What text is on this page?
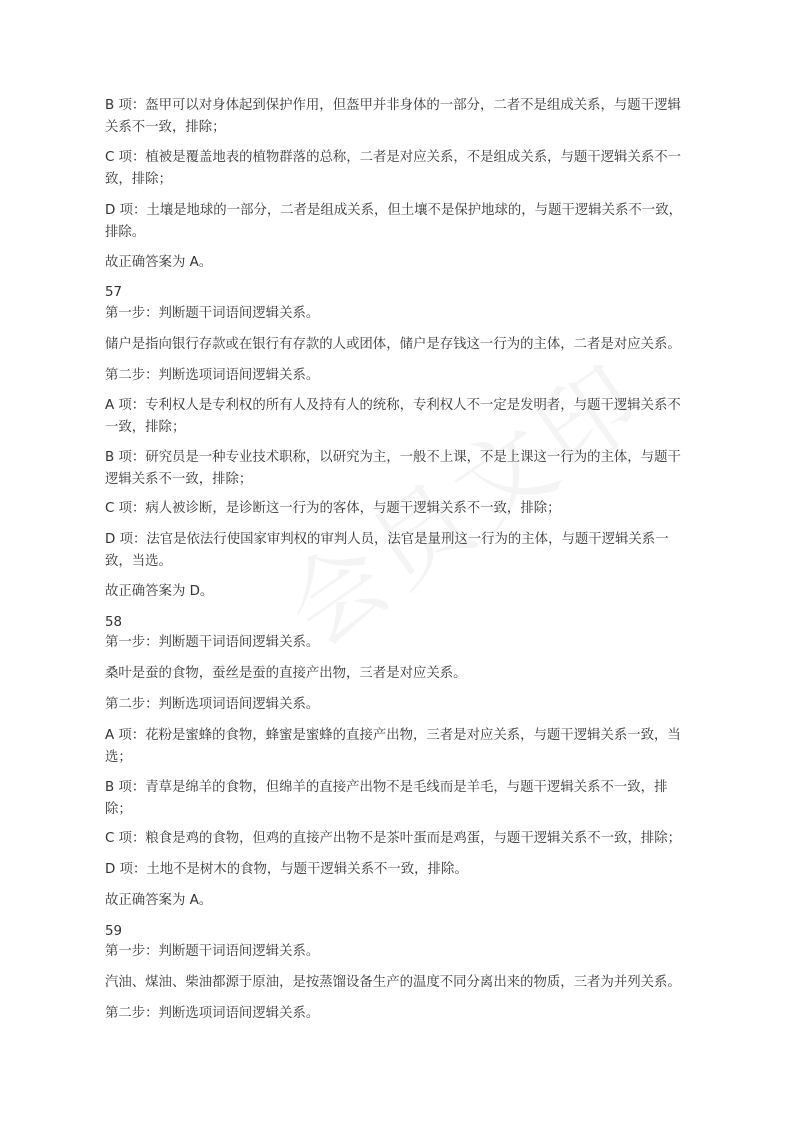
B 项：盔甲可以对身体起到保护作用，但盔甲并非身体的一部分，二者不是组成关系，与题干逻辑关系不一致，排除；

C 项：植被是覆盖地表的植物群落的总称，二者是对应关系，不是组成关系，与题干逻辑关系不一致，排除；

D 项：土壤是地球的一部分，二者是组成关系，但土壤不是保护地球的，与题干逻辑关系不一致，排除。

故正确答案为 A。

57

第一步：判断题干词语间逻辑关系。

储户是指向银行存款或在银行有存款的人或团体，储户是存钱这一行为的主体，二者是对应关系。

第二步：判断选项词语间逻辑关系。

A 项：专利权人是专利权的所有人及持有人的统称，专利权人不一定是发明者，与题干逻辑关系不一致，排除；

B 项：研究员是一种专业技术职称，以研究为主，一般不上课，不是上课这一行为的主体，与题干逻辑关系不一致，排除；

C 项：病人被诊断，是诊断这一行为的客体，与题干逻辑关系不一致，排除；

D 项：法官是依法行使国家审判权的审判人员，法官是量刑这一行为的主体，与题干逻辑关系一致，当选。

故正确答案为 D。

58

第一步：判断题干词语间逻辑关系。

桑叶是蚕的食物，蚕丝是蚕的直接产出物，三者是对应关系。

第二步：判断选项词语间逻辑关系。

A 项：花粉是蜜蜂的食物，蜂蜜是蜜蜂的直接产出物，三者是对应关系，与题干逻辑关系一致，当选；

B 项：青草是绵羊的食物，但绵羊的直接产出物不是毛线而是羊毛，与题干逻辑关系不一致，排除；

C 项：粮食是鸡的食物，但鸡的直接产出物不是茶叶蛋而是鸡蛋，与题干逻辑关系不一致，排除；

D 项：土地不是树木的食物，与题干逻辑关系不一致，排除。

故正确答案为 A。

59

第一步：判断题干词语间逻辑关系。

汽油、煤油、柴油都源于原油，是按蒸馏设备生产的温度不同分离出来的物质，三者为并列关系。

第二步：判断选项词语间逻辑关系。
